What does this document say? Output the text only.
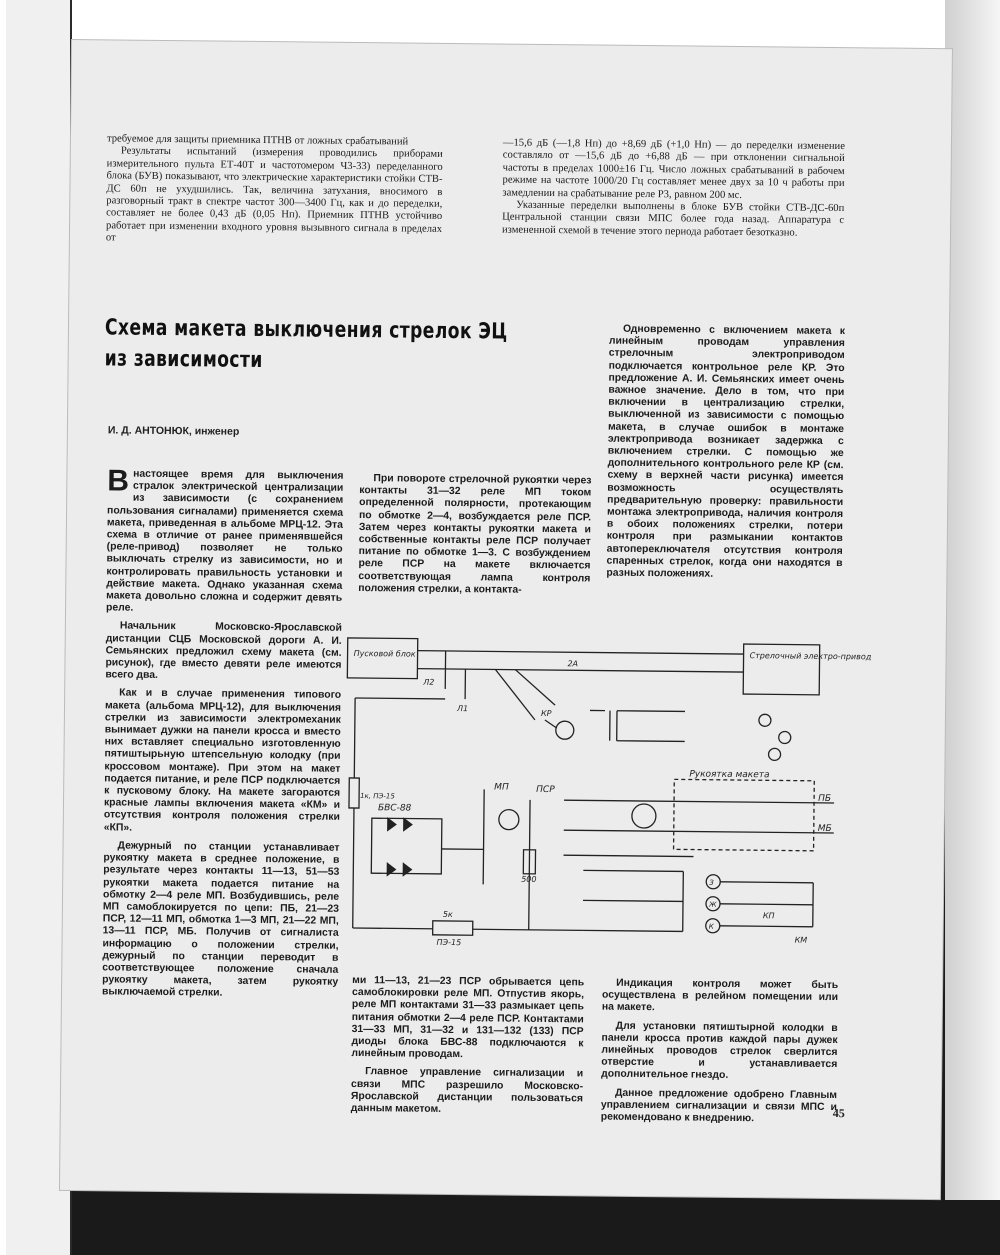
требуемое для защиты приемника ПТНВ от ложных срабатываний

Результаты испытаний (измерения проводились приборами измерительного пульта ЕТ-40Т и частотомером Ч3-33) переделанного блока (БУВ) показывают, что электрические характеристики стойки СТВ-ДС 60п не ухудшились. Так, величина затухания, вносимого в разговорный тракт в спектре частот 300—3400 Гц, как и до переделки, составляет не более 0,43 дБ (0,05 Нп). Приемник ПТНВ устойчиво работает при изменении входного уровня вызывного сигнала в пределах от

—15,6 дБ (—1,8 Нп) до +8,69 дБ (+1,0 Нп) — до переделки изменение составляло от —15,6 дБ до +6,88 дБ — при отклонении сигнальной частоты в пределах 1000±16 Гц. Число ложных срабатываний в рабочем режиме на частоте 1000/20 Гц составляет менее двух за 10 ч работы при замедлении на срабатывание реле Р3, равном 200 мс.

Указанные переделки выполнены в блоке БУВ стойки СТВ-ДС-60п Центральной станции связи МПС более года назад. Аппаратура с измененной схемой в течение этого периода работает безотказно.

Схема макета выключения стрелок ЭЦ
из зависимости
И. Д. АНТОНЮК, инженер

Внастоящее время для выключения стралок электрической централизации из зависимости (с сохранением пользования сигналами) применяется схема макета, приведенная в альбоме МРЦ-12. Эта схема в отличие от ранее применявшейся (реле-привод) позволяет не только выключать стрелку из зависимости, но и контролировать правильность установки и действие макета. Однако указанная схема макета довольно сложна и содержит девять реле.

Начальник Московско-Ярославской дистанции СЦБ Московской дороги А. И. Семьянских предложил схему макета (см. рисунок), где вместо девяти реле имеются всего два.

Как и в случае применения типового макета (альбома МРЦ-12), для выключения стрелки из зависимости электромеханик вынимает дужки на панели кросса и вместо них вставляет специально изготовленную пятиштырьную штепсельную колодку (при кроссовом монтаже). При этом на макет подается питание, и реле ПСР подключается к пусковому блоку. На макете загораются красные лампы включения макета «КМ» и отсутствия контроля положения стрелки «КП».

Дежурный по станции устанавливает рукоятку макета в среднее положение, в результате через контакты 11—13, 51—53 рукоятки макета подается питание на обмотку 2—4 реле МП. Возбудившись, реле МП самоблокируется по цепи: ПБ, 21—23 ПСР, 12—11 МП, обмотка 1—3 МП, 21—22 МП, 13—11 ПСР, МБ. Получив от сигналиста информацию о положении стрелки, дежурный по станции переводит в соответствующее положение сначала рукоятку макета, затем рукоятку выключаемой стрелки.

При повороте стрелочной рукоятки через контакты 31—32 реле МП током определенной полярности, протекающим по обмотке 2—4, возбуждается реле ПСР. Затем через контакты рукоятки макета и собственные контакты реле ПСР получает питание по обмотке 1—3. С возбуждением реле ПСР на макете включается соответствующая лампа контроля положения стрелки, а контакта-

Одновременно с включением макета к линейным проводам управления стрелочным электроприводом подключается контрольное реле КР. Это предложение А. И. Семьянских имеет очень важное значение. Дело в том, что при включении в централизацию стрелки, выключенной из зависимости с помощью макета, в случае ошибок в монтаже электропривода возникает задержка с включением стрелки. С помощью же дополнительного контрольного реле КР (см. схему в верхней части рисунка) имеется возможность осуществлять предварительную проверку: правильности монтажа электропривода, наличия контроля в обоих положениях стрелки, потери контроля при размыкании контактов автопереключателя отсутствия контроля спаренных стрелок, когда они находятся в разных положениях.

Пусковой блок	Стрелочный электро-привод
Рукоятка макета
БВС-88
Л2
Л1
ПБ
МБ
МП	ПСР
КР
1к, ПЭ-15
5к
ПЭ-15
500
2А
З
Ж
К
КМ
КП

ми 11—13, 21—23 ПСР обрывается цепь самоблокировки реле МП. Отпустив якорь, реле МП контактами 31—33 размыкает цепь питания обмотки 2—4 реле ПСР. Контактами 31—33 МП, 31—32 и 131—132 (133) ПСР диоды блока БВС-88 подключаются к линейным проводам.

Главное управление сигнализации и связи МПС разрешило Московско-Ярославской дистанции пользоваться данным макетом.

Индикация контроля может быть осуществлена в релейном помещении или на макете.

Для установки пятиштырной колодки в панели кросса против каждой пары дужек линейных проводов стрелок сверлится отверстие и устанавливается дополнительное гнездо.

Данное предложение одобрено Главным управлением сигнализации и связи МПС и рекомендовано к внедрению.	45
